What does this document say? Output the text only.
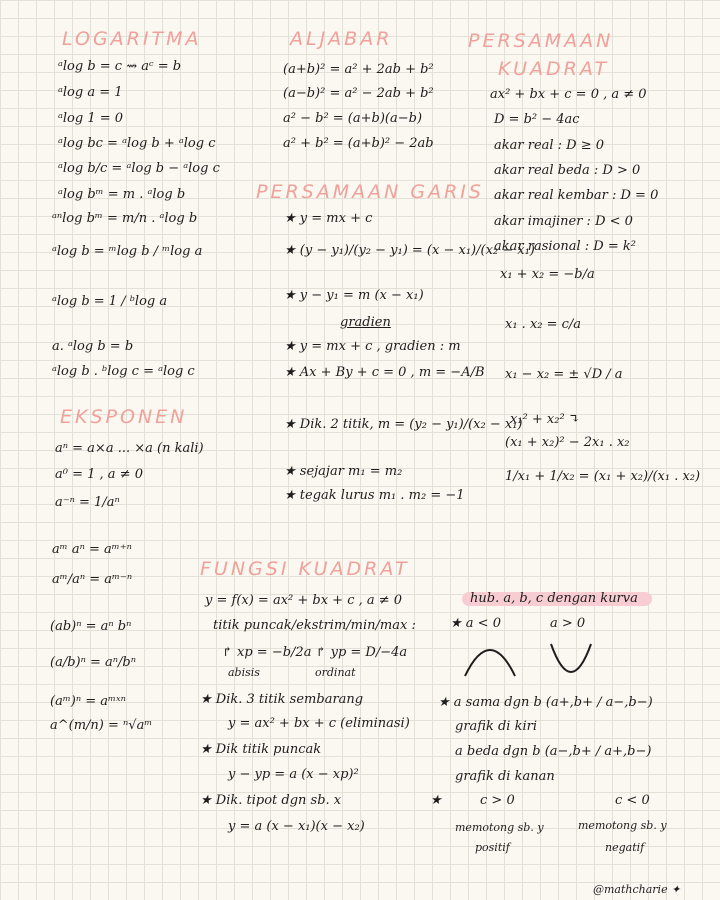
LOGARITMA	ALJABAR	PERSAMAAN
KUADRAT
PERSAMAAN GARIS
EKSPONEN
FUNGSI KUADRAT
ᵃlog b = c ⇝ aᶜ = b
ᵃlog a = 1
ᵃlog 1 = 0
ᵃlog bc = ᵃlog b + ᵃlog c
ᵃlog b/c = ᵃlog b − ᵃlog c
ᵃlog bᵐ = m . ᵃlog b
ᵃⁿlog bᵐ = m/n . ᵃlog b
ᵃlog b = ᵐlog b / ᵐlog a
ᵃlog b = 1 / ᵇlog a
a. ᵃlog b = b
ᵃlog b . ᵇlog c = ᵃlog c
(a+b)² = a² + 2ab + b²
(a−b)² = a² − 2ab + b²
a² − b² = (a+b)(a−b)
a² + b² = (a+b)² − 2ab
ax² + bx + c = 0 , a ≠ 0
D = b² − 4ac
akar real : D ≥ 0
akar real beda : D > 0
akar real kembar : D = 0
akar imajiner : D < 0
akar rasional : D = k²
x₁ + x₂ = −b/a
x₁ . x₂ = c/a
x₁ − x₂ = ± √D / a
x₁² + x₂² ↴
(x₁ + x₂)² − 2x₁ . x₂
1/x₁ + 1/x₂ = (x₁ + x₂)/(x₁ . x₂)
★ y = mx + c
★ (y − y₁)/(y₂ − y₁) = (x − x₁)/(x₂ − x₁)
★ y − y₁ = m (x − x₁)
gradien
★ y = mx + c , gradien : m
★ Ax + By + c = 0 , m = −A/B
★ Dik. 2 titik, m = (y₂ − y₁)/(x₂ − x₁)
★ sejajar m₁ = m₂
★ tegak lurus m₁ . m₂ = −1
aⁿ = a×a ... ×a (n kali)
a⁰ = 1 , a ≠ 0
a⁻ⁿ = 1/aⁿ
aᵐ aⁿ = aᵐ⁺ⁿ
aᵐ/aⁿ = aᵐ⁻ⁿ
(ab)ⁿ = aⁿ bⁿ
(a/b)ⁿ = aⁿ/bⁿ
(aᵐ)ⁿ = aᵐˣⁿ
a^(m/n) = ⁿ√aᵐ
y = f(x) = ax² + bx + c , a ≠ 0
titik puncak/ekstrim/min/max :
↱ xp = −b/2a ↱ yp = D/−4a
abisis	ordinat
★ Dik. 3 titik sembarang
y = ax² + bx + c (eliminasi)
★ Dik titik puncak
y − yp = a (x − xp)²
★ Dik. tipot dgn sb. x
y = a (x − x₁)(x − x₂)
hub. a, b, c dengan kurva
★ a < 0	a > 0
★ a sama dgn b (a+,b+ / a−,b−)
grafik di kiri
a beda dgn b (a−,b+ / a+,b−)
grafik di kanan
★	c > 0	c < 0
memotong sb. y
positif
memotong sb. y
negatif
@mathcharie ✦
